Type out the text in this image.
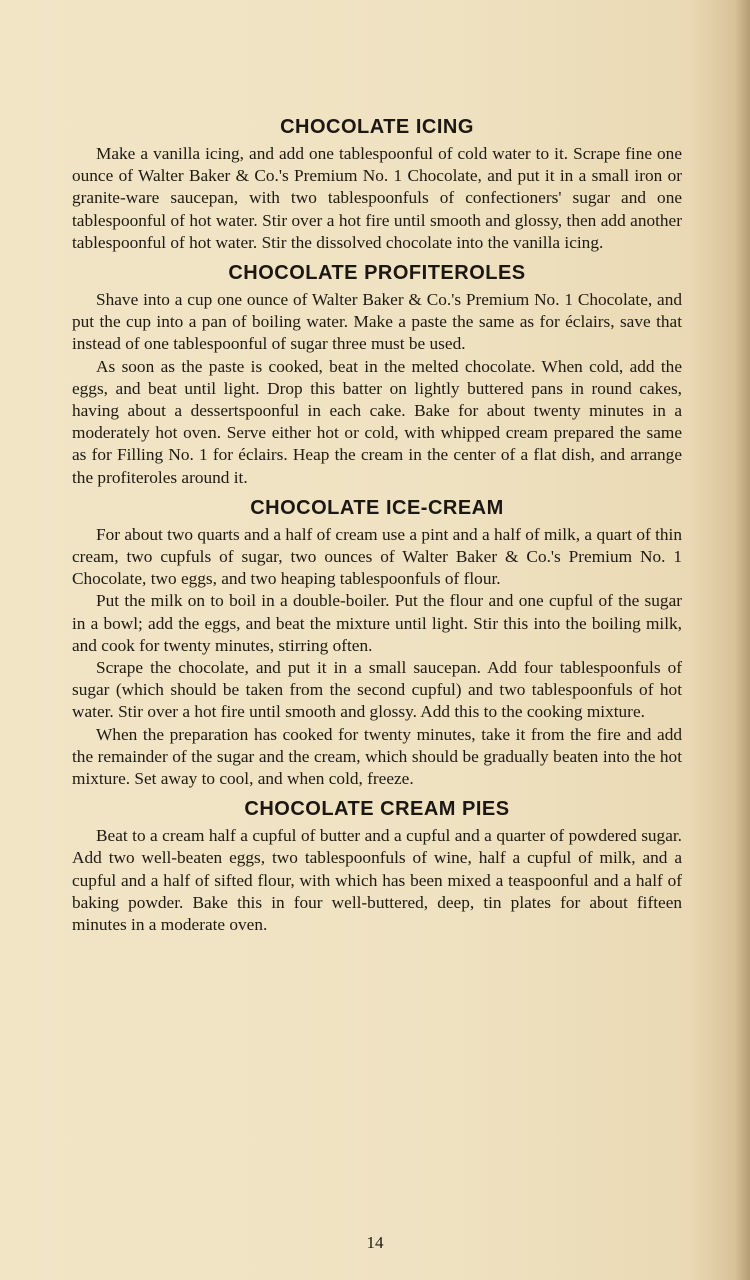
CHOCOLATE ICING

Make a vanilla icing, and add one tablespoonful of cold water to it. Scrape fine one ounce of Walter Baker & Co.'s Premium No. 1 Chocolate, and put it in a small iron or granite-ware saucepan, with two tablespoonfuls of confectioners' sugar and one tablespoonful of hot water. Stir over a hot fire until smooth and glossy, then add another tablespoonful of hot water. Stir the dissolved chocolate into the vanilla icing.

CHOCOLATE PROFITEROLES

Shave into a cup one ounce of Walter Baker & Co.'s Premium No. 1 Chocolate, and put the cup into a pan of boiling water. Make a paste the same as for éclairs, save that instead of one tablespoonful of sugar three must be used.

As soon as the paste is cooked, beat in the melted chocolate. When cold, add the eggs, and beat until light. Drop this batter on lightly buttered pans in round cakes, having about a dessertspoonful in each cake. Bake for about twenty minutes in a moderately hot oven. Serve either hot or cold, with whipped cream prepared the same as for Filling No. 1 for éclairs. Heap the cream in the center of a flat dish, and arrange the profiteroles around it.

CHOCOLATE ICE-CREAM

For about two quarts and a half of cream use a pint and a half of milk, a quart of thin cream, two cupfuls of sugar, two ounces of Walter Baker & Co.'s Premium No. 1 Chocolate, two eggs, and two heaping tablespoonfuls of flour.

Put the milk on to boil in a double-boiler. Put the flour and one cupful of the sugar in a bowl; add the eggs, and beat the mixture until light. Stir this into the boiling milk, and cook for twenty minutes, stirring often.

Scrape the chocolate, and put it in a small saucepan. Add four tablespoonfuls of sugar (which should be taken from the second cupful) and two tablespoonfuls of hot water. Stir over a hot fire until smooth and glossy. Add this to the cooking mixture.

When the preparation has cooked for twenty minutes, take it from the fire and add the remainder of the sugar and the cream, which should be gradually beaten into the hot mixture. Set away to cool, and when cold, freeze.

CHOCOLATE CREAM PIES

Beat to a cream half a cupful of butter and a cupful and a quarter of powdered sugar. Add two well-beaten eggs, two tablespoonfuls of wine, half a cupful of milk, and a cupful and a half of sifted flour, with which has been mixed a teaspoonful and a half of baking powder. Bake this in four well-buttered, deep, tin plates for about fifteen minutes in a moderate oven.

14
